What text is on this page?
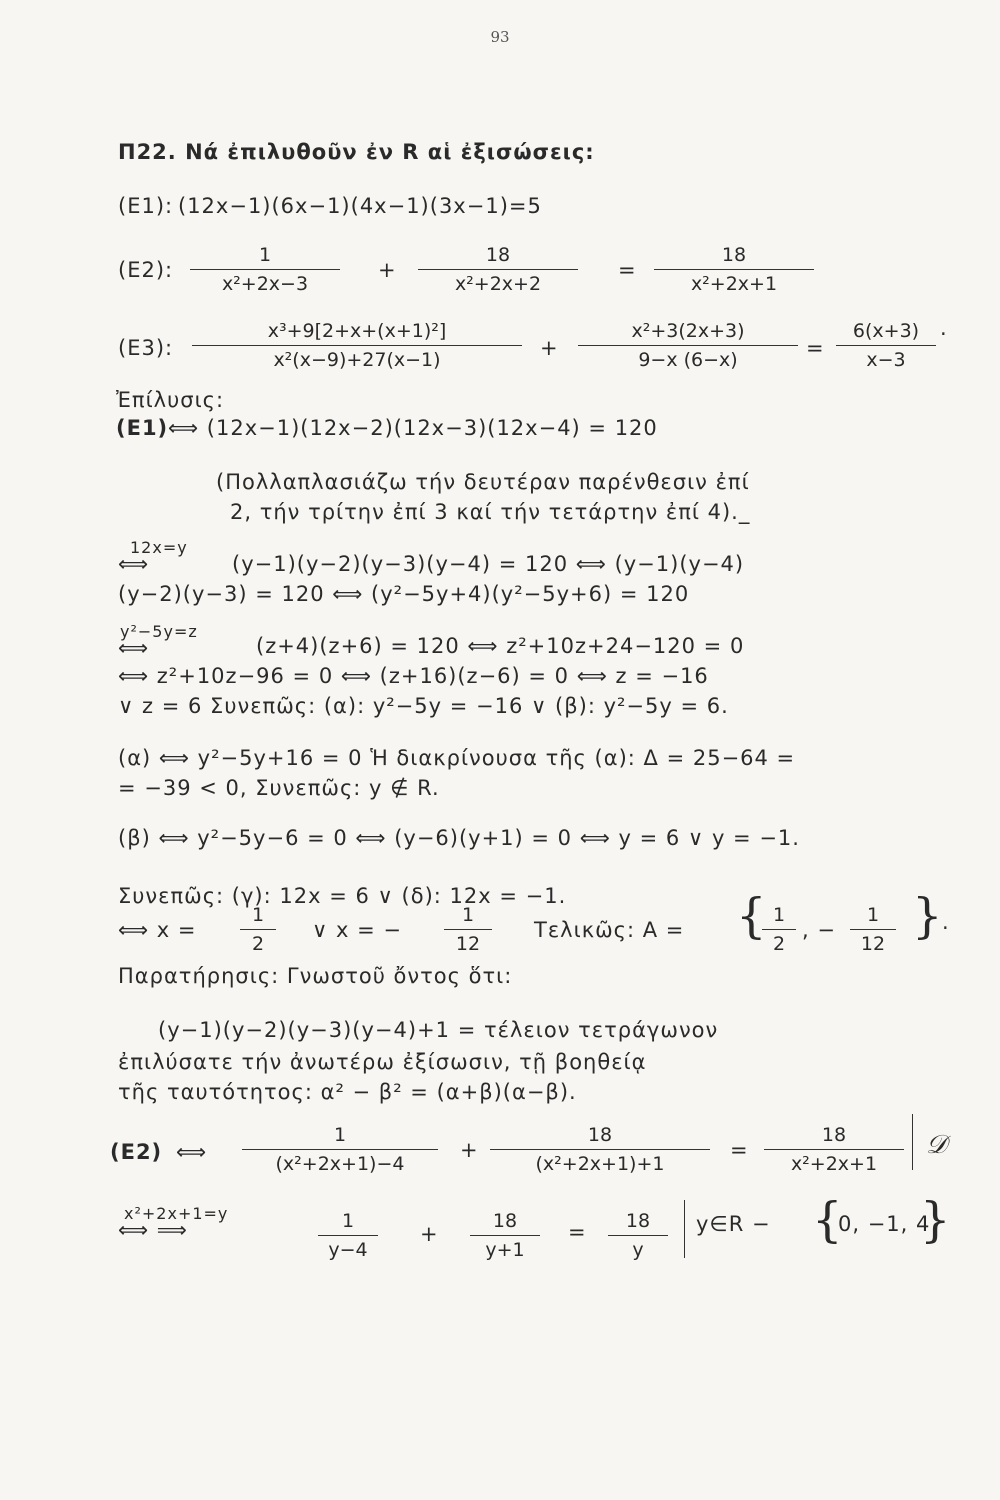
93
Π22. Νά ἐπιλυθοῦν ἐν R αἱ ἐξισώσεις:
(E1): (12x−1)(6x−1)(4x−1)(3x−1)=5
(E2): $\frac{1}{\text{x²+2x−3}} + \frac{18}{\text{x²+2x+2}} = \frac{18}{\text{x²+2x+1}}$
(E3): $\frac{\text{x³+9[2+x+(x+1)²]}}{\text{x²(x−9)+27(x−1)}} + \frac{\text{x²+3(2x+3)}}{9-x (6-x)} = \frac{6(x+3)}{x-3}$ ·
Ἐπίλυσις:
(E1) ⟺ (12x−1)(12x−2)(12x−3)(12x−4) = 120
(Πολλαπλασιάζω τήν δευτέραν παρένθεσιν ἐπί
2, τήν τρίτην ἐπί 3 καί τήν τετάρτην ἐπί 4)._
12x=y
⟺	(y−1)(y−2)(y−3)(y−4) = 120 ⟺ (y−1)(y−4)
(y−2)(y−3) = 120 ⟺ (y²−5y+4)(y²−5y+6) = 120
y²−5y=z
⟺	(z+4)(z+6) = 120 ⟺ z²+10z+24−120 = 0
⟺ z²+10z−96 = 0 ⟺ (z+16)(z−6) = 0 ⟺ z = −16
∨ z = 6 Συνεπῶς: (α): y²−5y = −16 ∨ (β): y²−5y = 6.
(α) ⟺ y²−5y+16 = 0 Ἡ διακρίνουσα τῆς (α): Δ = 25−64 =
= −39 < 0, Συνεπῶς: y ∉ R.
(β) ⟺ y²−5y−6 = 0 ⟺ (y−6)(y+1) = 0 ⟺ y = 6 ∨ y = −1.
Συνεπῶς: (γ): 12x = 6 ∨ (δ): 12x = −1.
⟺ $x = \frac{1}{2}$ ∨ x = − $\frac{1}{12}$ Τελικῶς: A = {
$\frac{1}{2}$ , − $\frac{1}{12}$ } .
Παρατήρησις: Γνωστοῦ ὄντος ὅτι:
(y−1)(y−2)(y−3)(y−4)+1 = τέλειον τετράγωνον
ἐπιλύσατε τήν ἀνωτέρω ἐξίσωσιν, τῇ βοηθείᾳ
τῆς ταυτότητος: α² − β² = (α+β)(α−β).
(E2) ⟺ $\frac{1}{\text{(x²+2x+1)−4}} + \frac{18}{\text{(x²+2x+1)+1}} = \frac{18}{\text{x²+2x+1}}$ 𝒟
x²+2x+1=y
⟺ ⟹	$\frac{1}{y-4} + \frac{18}{y+1} = \frac{18}{y}$ y∈R − {
0, −1, 4
}
